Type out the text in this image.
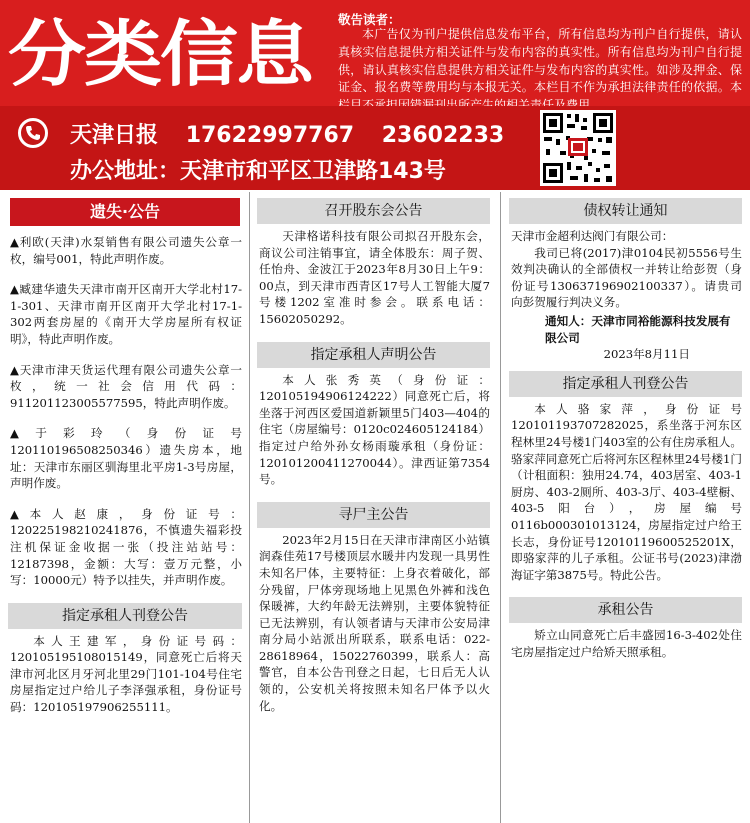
分类信息	敬告读者：
本广告仅为刊户提供信息发布平台，所有信息均为刊户自行提供，请认真核实信息提供方相关证件与发布内容的真实性。所有信息均为刊户自行提供，请认真核实信息提供方相关证件与发布内容的真实性。如涉及押金、保证金、报名费等费用均与本报无关。本栏目不作为承担法律责任的依据。本
天津日报 17622997767 23602233
办公地址：天津市和平区卫津路143号
遗失·公告
▲利欧(天津)水泵销售有限公司遗失公章一枚，编号001，特此声明作废。
▲臧建华遗失天津市南开区南开大学北村17-1-301、天津市南开区南开大学北村17-1-302两套房屋的《南开大学房屋所有权证明》，特此声明作废。
▲天津市津天货运代理有限公司遗失公章一枚，统一社会信用代码：911201123005577595，特此声明作废。
▲于彩玲（身份证号120110196508250346）遗失房本，地址：天津市东丽区驯海里北平房1-3号房屋，声明作废。
▲本人赵康，身份证号：120225198210241876，不慎遗失福彩投注机保证金收据一张（投注站站号：12187398，金额：大写：壹万元整，小写：10000元）特予以挂失，并声明作废。
指定承租人刊登公告
本人王建军，身份证号码：120105195108015149，同意死亡后将天津市河北区月牙河北里29门101-104号住宅房屋指定过户给儿子李泽强承租，身份证号码：120105197906255111。
召开股东会公告
天津格诺科技有限公司拟召开股东会，商议公司注销事宜，请全体股东：周子贺、任怡舟、金波江于2023年8月30日上午9：00点，到天津市西青区17号人工智能大厦7号楼1202室准时参会。联系电话：15602050292。
指定承租人声明公告
本人张秀英（身份证：120105194906124222）同意死亡后，将坐落于河西区爱国道新颖里5门403—404的住宅（房屋编号：0120c02460512418​4）指定过户给外孙女杨雨璇承租（身份证：120101200411270044）。津西证第7354号。
寻尸主公告
2023年2月15日在天津市津南区小站镇润森佳苑17号楼顶层水暖井内发现一具男性未知名尸体，主要特征：上身衣着破化，部分残留，尸体旁现场地上见黑色外裤和浅色保暖裤，大约年龄无法辨别，主要体貌特征已无法辨别，有认领者请与天津市公安局津南分局小站派出所联系，联系电话：022-28618964，15022760399，联系人：高警官，自本公告刊登之日起，七日后无人认领的，公安机关将按照未知名尸体予以火化。
债权转让通知
天津市金超利达阀门有限公司：
我司已将(2017)津0104民初5556号生效判决确认的全部债权一并转让给彭贺（身份证号130637196902100337）。请贵司向彭贺履行判决义务。
通知人：天津市同裕能源科技发展有限公司
2023年8月11日
指定承租人刊登公告
本人骆家萍，身份证号120101193707282025，系坐落于河东区程林里24号楼1门403室的公有住房承租人。骆家萍同意死亡后将河东区程林里24号楼1门（计租面积：独用24.74，403居室、403-1厨房、403-2厕所、403-3厅、403-4壁橱、403-5阳台），房屋编号0116b000301013124，房屋指定过户给王长志，身份证号120101196005​25201X，即骆家萍的儿子承租。公证书号(2023)津渤海证字第3875号。特此公告。
承租公告
矫立山同意死亡后丰盛园16-3-402处住宅房屋指定过户给矫天照承租。
